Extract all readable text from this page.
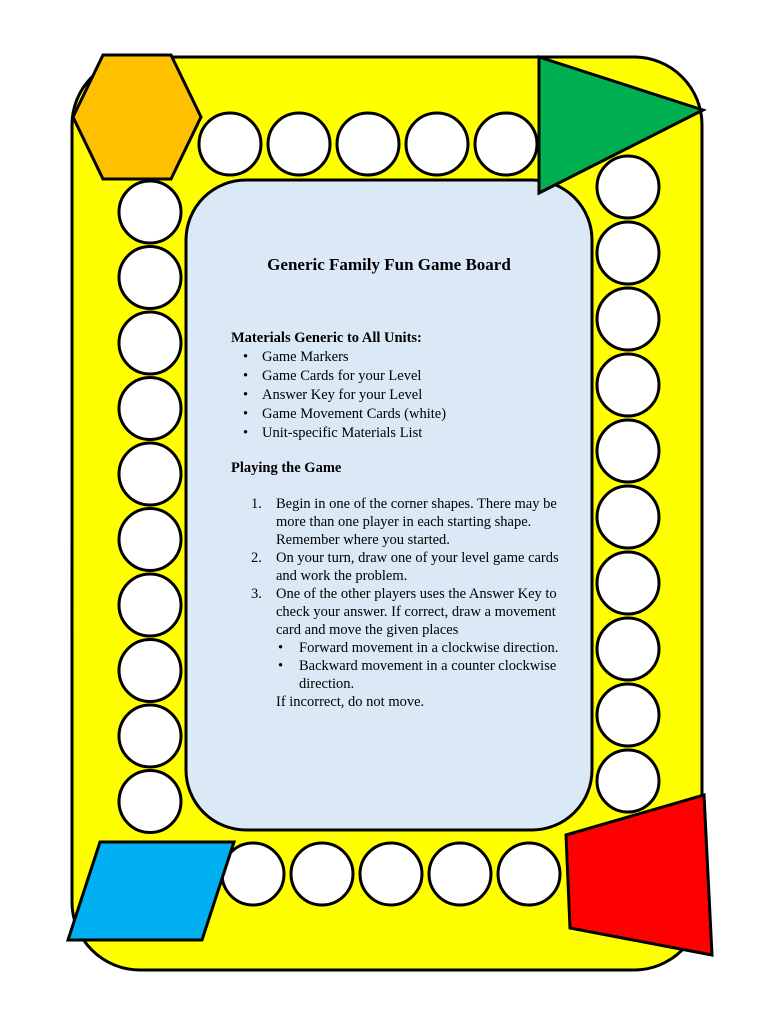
Generic Family Fun Game Board
Materials Generic to All Units:
• Game Markers
• Game Cards for your Level
• Answer Key for your Level
• Game Movement Cards (white)
• Unit-specific Materials List
Playing the Game
1. Begin in one of the corner shapes. There may be more than one player in each starting shape. Remember where you started.
2. On your turn, draw one of your level game cards and work the problem.
3. One of the other players uses the Answer Key to check your answer. If correct, draw a movement card and move the given places
• Forward movement in a clockwise direction.
• Backward movement in a counter clockwise direction.
If incorrect, do not move.
